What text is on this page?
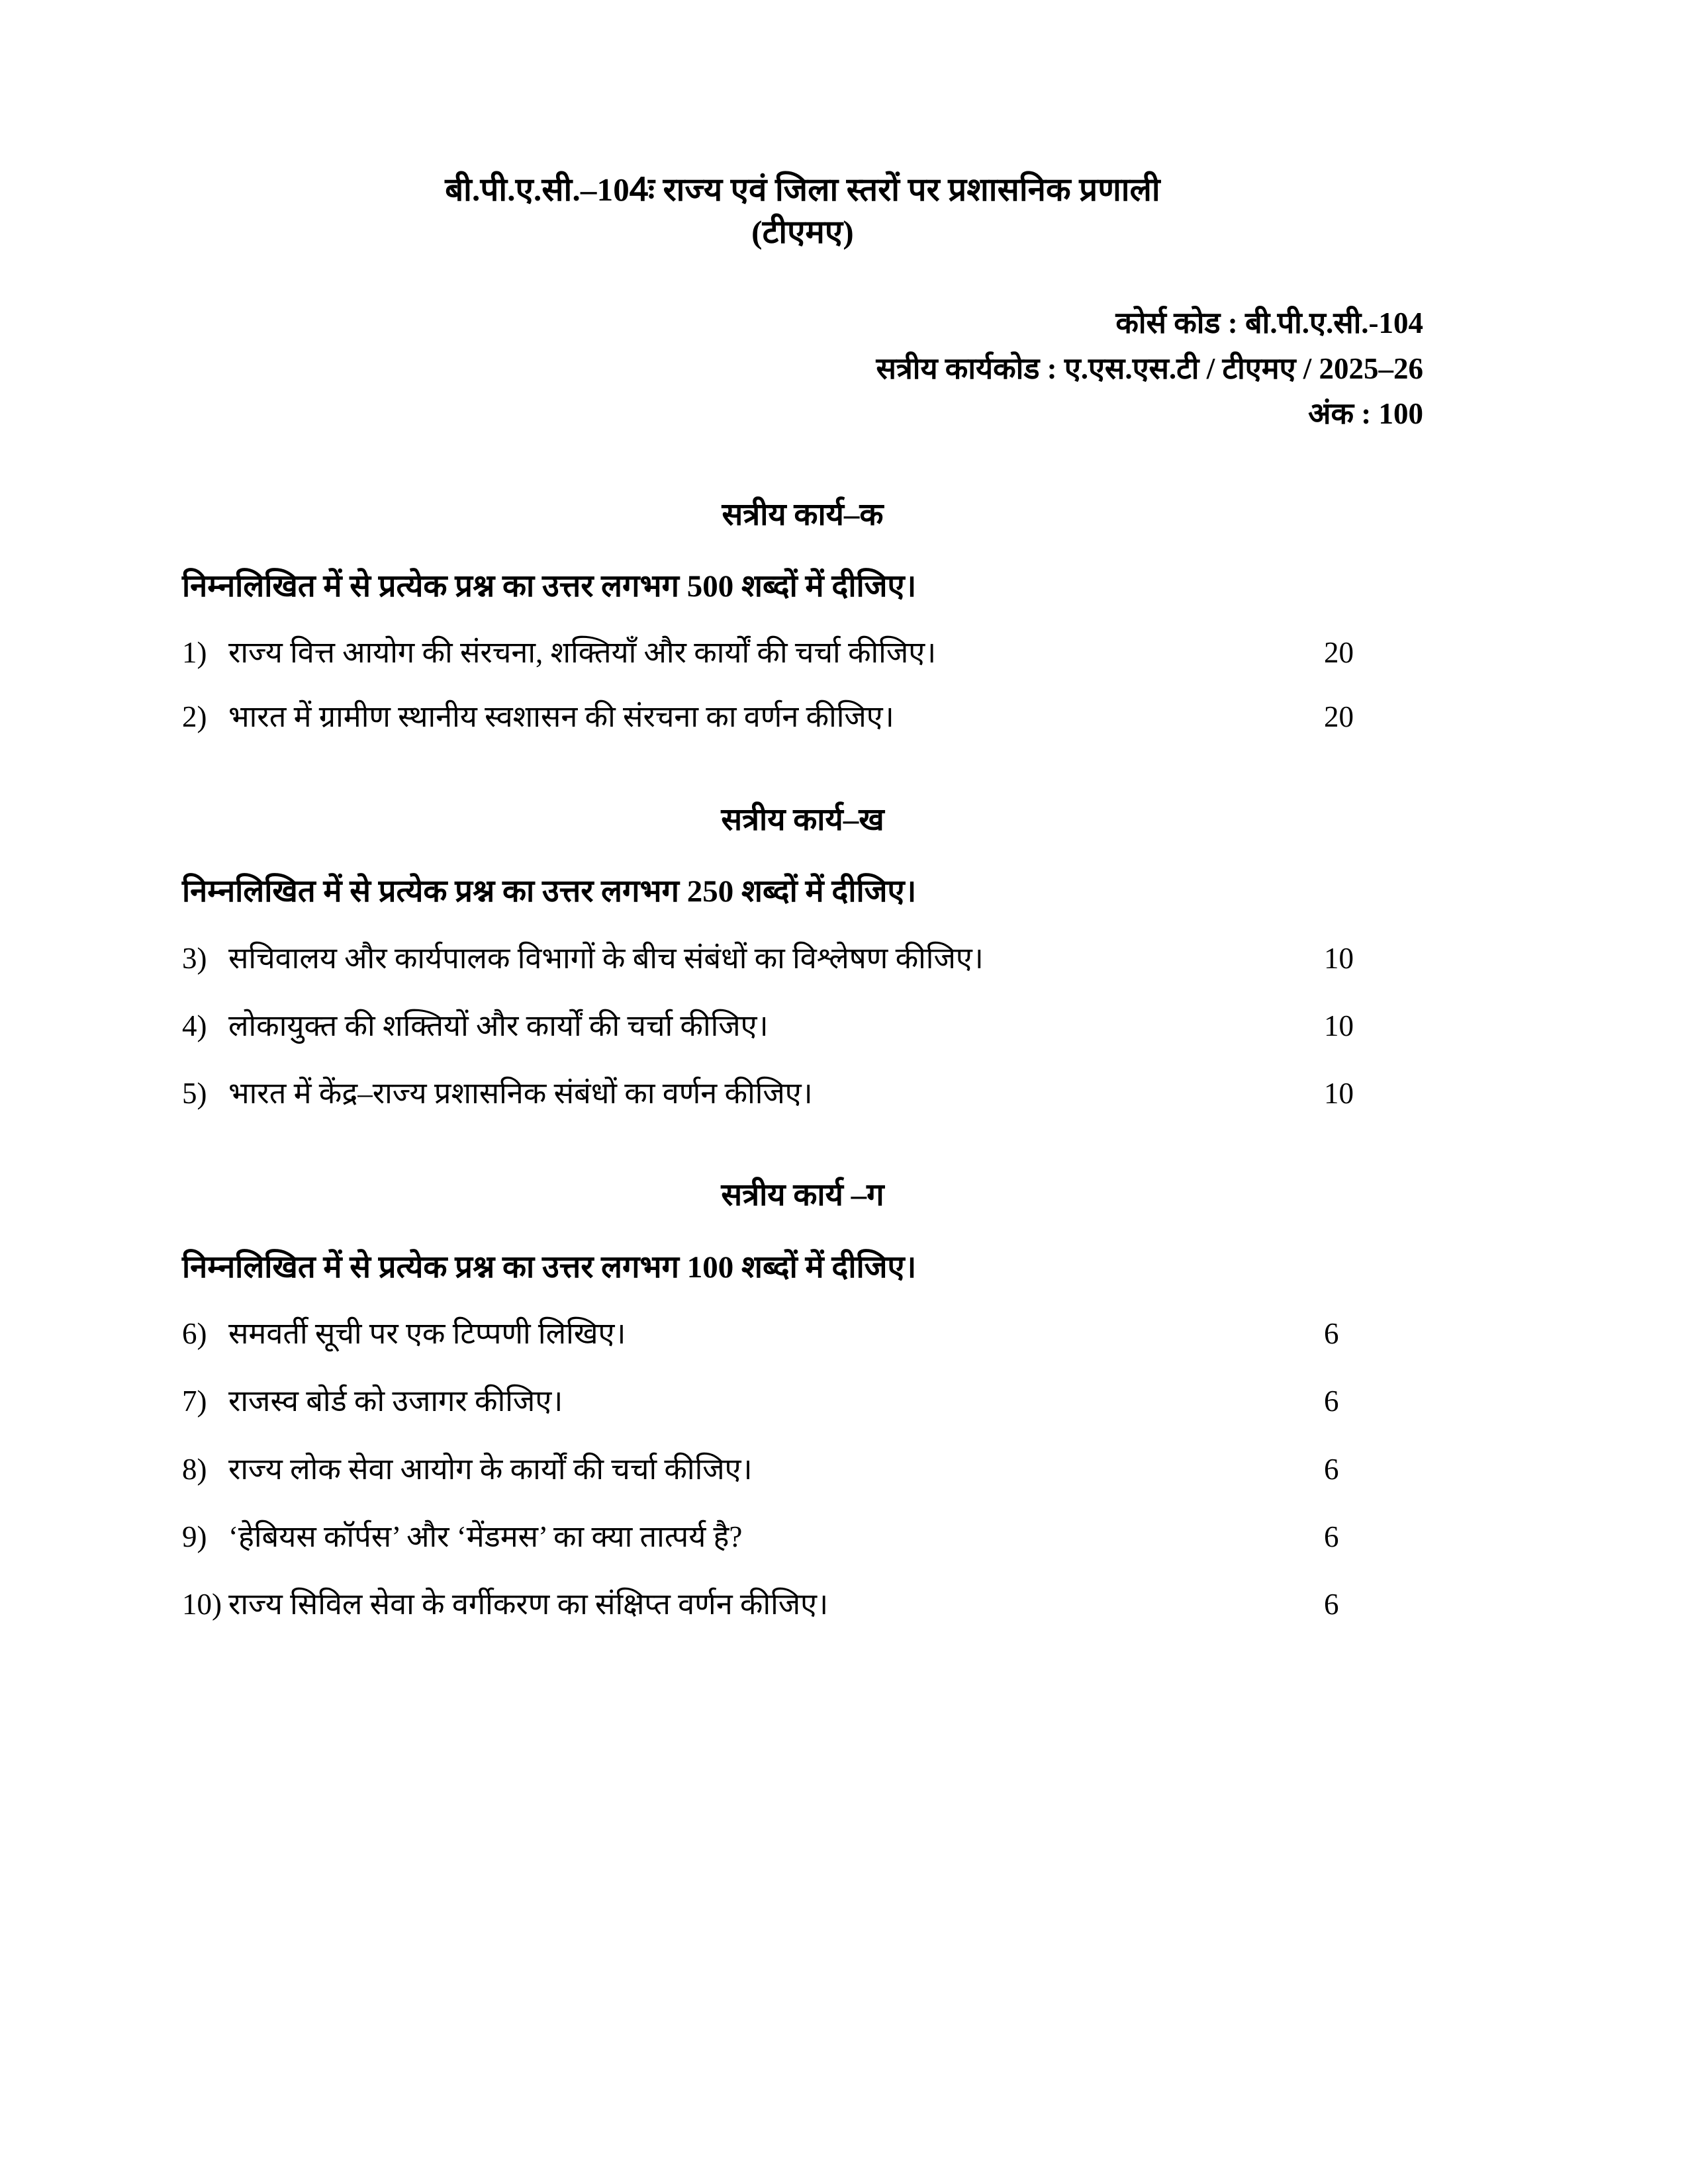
बी.पी.ए.सी.–104ः राज्य एवं जिला स्तरों पर प्रशासनिक प्रणाली
(टीएमए)
कोर्स कोड : बी.पी.ए.सी.-104
सत्रीय कार्यकोड : ए.एस.एस.टी / टीएमए / 2025–26
अंक : 100
सत्रीय कार्य–क
निम्नलिखित में से प्रत्येक प्रश्न का उत्तर लगभग 500 शब्दों में दीजिए।
1) राज्य वित्त आयोग की संरचना, शक्तियाँ और कार्यों की चर्चा कीजिए।	20
2) भारत में ग्रामीण स्थानीय स्वशासन की संरचना का वर्णन कीजिए।	20
सत्रीय कार्य–ख
निम्नलिखित में से प्रत्येक प्रश्न का उत्तर लगभग 250 शब्दों में दीजिए।
3) सचिवालय और कार्यपालक विभागों के बीच संबंधों का विश्लेषण कीजिए।	10
4) लोकायुक्त की शक्तियों और कार्यों की चर्चा कीजिए।	10
5) भारत में केंद्र–राज्य प्रशासनिक संबंधों का वर्णन कीजिए।	10
सत्रीय कार्य –ग
निम्नलिखित में से प्रत्येक प्रश्न का उत्तर लगभग 100 शब्दों में दीजिए।
6) समवर्ती सूची पर एक टिप्पणी लिखिए।	6
7) राजस्व बोर्ड को उजागर कीजिए।	6
8) राज्य लोक सेवा आयोग के कार्यों की चर्चा कीजिए।	6
9) ‘हेबियस कॉर्पस’ और ‘मेंडमस’ का क्या तात्पर्य है?	6
10) राज्य सिविल सेवा के वर्गीकरण का संक्षिप्त वर्णन कीजिए।	6
